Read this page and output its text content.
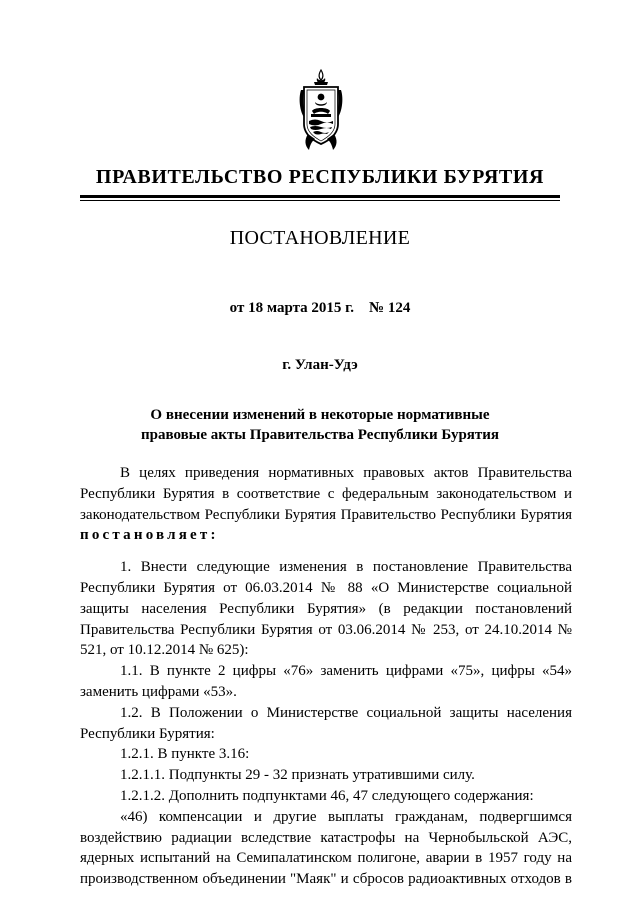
ПРАВИТЕЛЬСТВО РЕСПУБЛИКИ БУРЯТИЯ
ПОСТАНОВЛЕНИЕ
от 18 марта 2015 г.    № 124
г. Улан-Удэ
О внесении изменений в некоторые нормативные
правовые акты Правительства Республики Бурятия

В целях приведения нормативных правовых актов Правительства Республики Бурятия в соответствие с федеральным законодательством и законодательством Республики Бурятия Правительство Республики Бурятия постановляет:

1. Внести следующие изменения в постановление Правительства Республики Бурятия от 06.03.2014 № 88 «О Министерстве социальной защиты населения Республики Бурятия» (в редакции постановлений Правительства Республики Бурятия от 03.06.2014 № 253, от 24.10.2014 № 521, от 10.12.2014 № 625):

1.1. В пункте 2 цифры «76» заменить цифрами «75», цифры «54» заменить цифрами «53».

1.2. В Положении о Министерстве социальной защиты населения Республики Бурятия:

1.2.1. В пункте 3.16:

1.2.1.1. Подпункты 29 - 32 признать утратившими силу.

1.2.1.2. Дополнить подпунктами 46, 47 следующего содержания:

«46) компенсации и другие выплаты гражданам, подвергшимся воздействию радиации вследствие катастрофы на Чернобыльской АЭС, ядерных испытаний на Семипалатинском полигоне, аварии в 1957 году на производственном объединении "Маяк" и сбросов радиоактивных отходов в
